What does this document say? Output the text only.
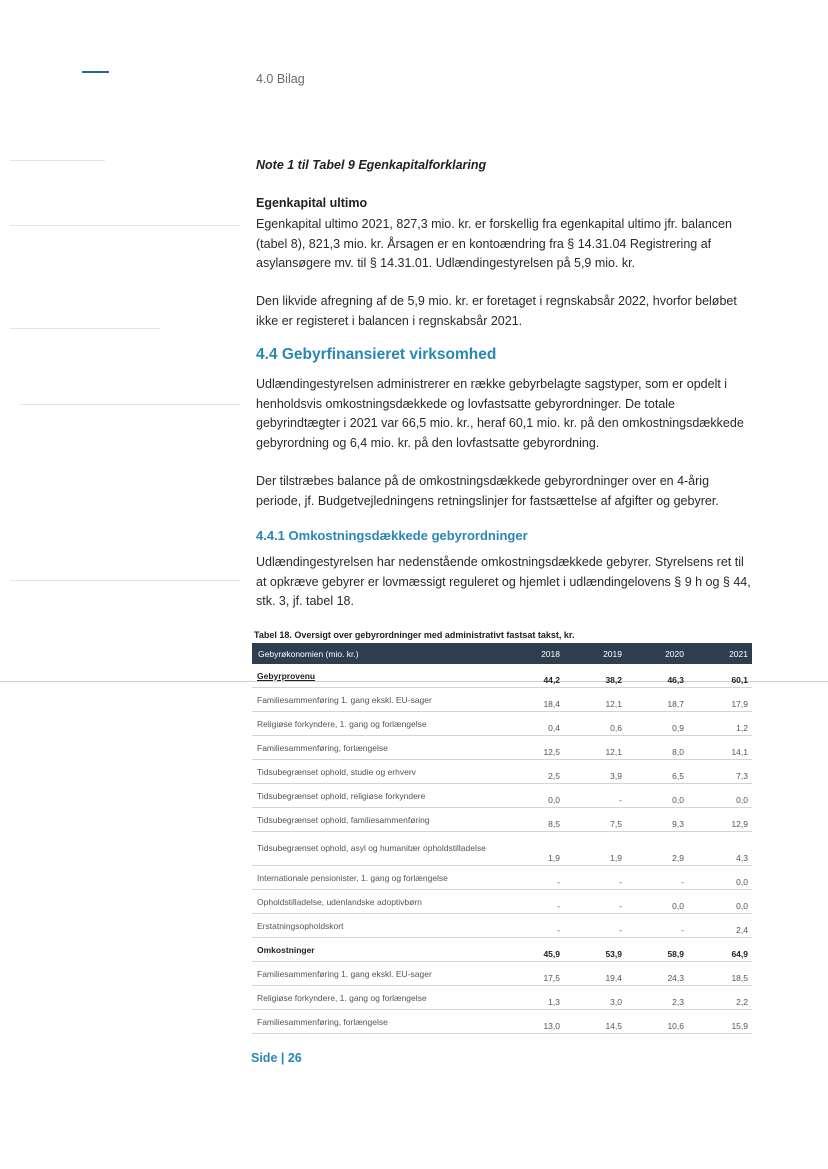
4.0 Bilag
Note 1 til Tabel 9 Egenkapitalforklaring
Egenkapital ultimo

Egenkapital ultimo 2021, 827,3 mio. kr. er forskellig fra egenkapital ultimo jfr. balancen (tabel 8), 821,3 mio. kr. Årsagen er en kontoændring fra § 14.31.04 Registrering af asylansøgere mv. til § 14.31.01. Udlændingestyrelsen på 5,9 mio. kr.

Den likvide afregning af de 5,9 mio. kr. er foretaget i regnskabsår 2022, hvorfor beløbet ikke er registeret i balancen i regnskabsår 2021.

4.4 Gebyrfinansieret virksomhed

Udlændingestyrelsen administrerer en række gebyrbelagte sagstyper, som er opdelt i henholdsvis omkostningsdækkede og lovfastsatte gebyrordninger. De totale gebyrindtægter i 2021 var 66,5 mio. kr., heraf 60,1 mio. kr. på den omkostningsdækkede gebyrordning og 6,4 mio. kr. på den lovfastsatte gebyrordning.

Der tilstræbes balance på de omkostningsdækkede gebyrordninger over en 4-årig periode, jf. Budgetvejledningens retningslinjer for fastsættelse af afgifter og gebyrer.

4.4.1 Omkostningsdækkede gebyrordninger

Udlændingestyrelsen har nedenstående omkostningsdækkede gebyrer. Styrelsens ret til at opkræve gebyrer er lovmæssigt reguleret og hjemlet i udlændingelovens § 9 h og § 44, stk. 3, jf. tabel 18.

Tabel 18. Oversigt over gebyrordninger med administrativt fastsat takst, kr.
Gebyrøkonomien (mio. kr.)	2018	2019	2020	2021
Gebyrprovenu	44,2	38,2	46,3	60,1
Familiesammenføring 1. gang ekskl. EU-sager	18,4	12,1	18,7	17,9
Religiøse forkyndere, 1. gang og forlængelse	0,4	0,6	0,9	1,2
Familiesammenføring, forlængelse	12,5	12,1	8,0	14,1
Tidsubegrænset ophold, studie og erhverv	2,5	3,9	6,5	7,3
Tidsubegrænset ophold, religiøse forkyndere	0,0	-	0,0	0,0
Tidsubegrænset ophold, familiesammenføring	8,5	7,5	9,3	12,9
Tidsubegrænset ophold, asyl og humanitær opholdstilladelse	1,9	1,9	2,9	4,3
Internationale pensionister, 1. gang og forlængelse	-	-	-	0,0
Opholdstilladelse, udenlandske adoptivbørn	-	-	0,0	0,0
Erstatningsopholdskort	-	-	-	2,4
Omkostninger	45,9	53,9	58,9	64,9
Familiesammenføring 1. gang ekskl. EU-sager	17,5	19,4	24,3	18,5
Religiøse forkyndere, 1. gang og forlængelse	1,3	3,0	2,3	2,2
Familiesammenføring, forlængelse	13,0	14,5	10,6	15,9
Side | 26
